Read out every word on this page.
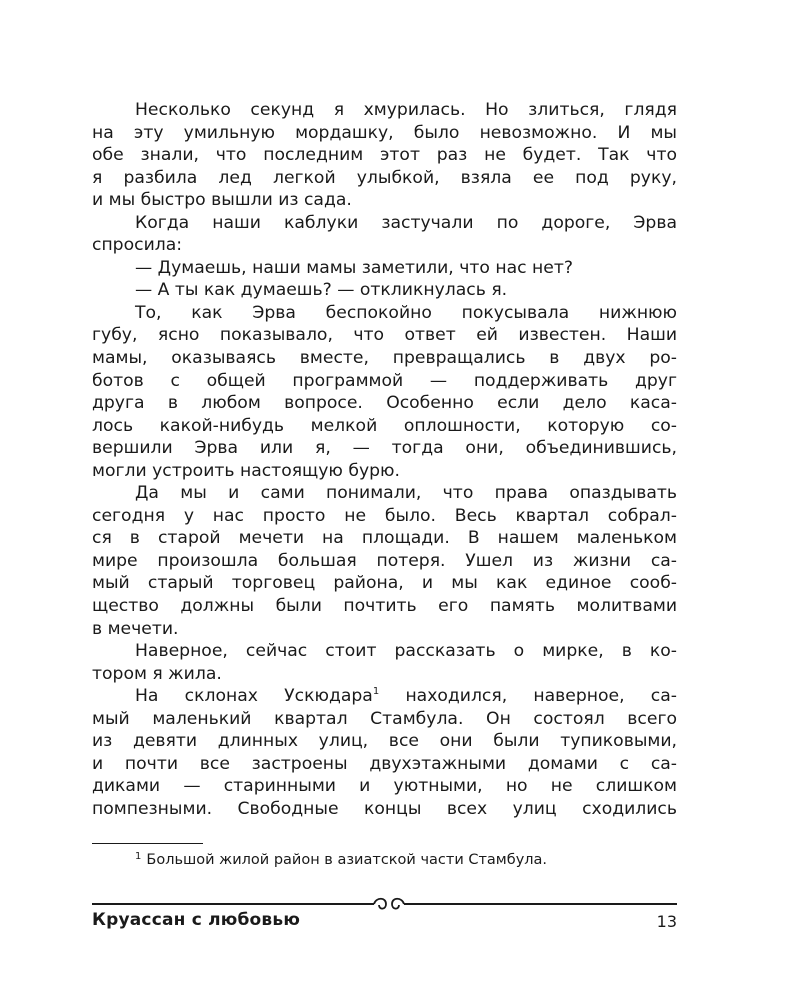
Несколько секунд я хмурилась. Но злиться, глядя
на эту умильную мордашку, было невозможно. И мы
обе знали, что последним этот раз не будет. Так что
я разбила лед легкой улыбкой, взяла ее под руку,
и мы быстро вышли из сада.
Когда наши каблуки застучали по дороге, Эрва
спросила:
— Думаешь, наши мамы заметили, что нас нет?
— А ты как думаешь? — откликнулась я.
То, как Эрва беспокойно покусывала нижнюю
губу, ясно показывало, что ответ ей известен. Наши
мамы, оказываясь вместе, превращались в двух ро-
ботов с общей программой — поддерживать друг
друга в любом вопросе. Особенно если дело каса-
лось какой-нибудь мелкой оплошности, которую со-
вершили Эрва или я, — тогда они, объединившись,
могли устроить настоящую бурю.
Да мы и сами понимали, что права опаздывать
сегодня у нас просто не было. Весь квартал собрал-
ся в старой мечети на площади. В нашем маленьком
мире произошла большая потеря. Ушел из жизни са-
мый старый торговец района, и мы как единое сооб-
щество должны были почтить его память молитвами
в мечети.
Наверное, сейчас стоит рассказать о мирке, в ко-
тором я жила.
На склонах Ускюдара$^1$ находился, наверное, са-
мый маленький квартал Стамбула. Он состоял всего
из девяти длинных улиц, все они были тупиковыми,
и почти все застроены двухэтажными домами с са-
диками — старинными и уютными, но не слишком
помпезными. Свободные концы всех улиц сходились
1 Большой жилой район в азиатской части Стамбула.
Круассан с любовью	13
